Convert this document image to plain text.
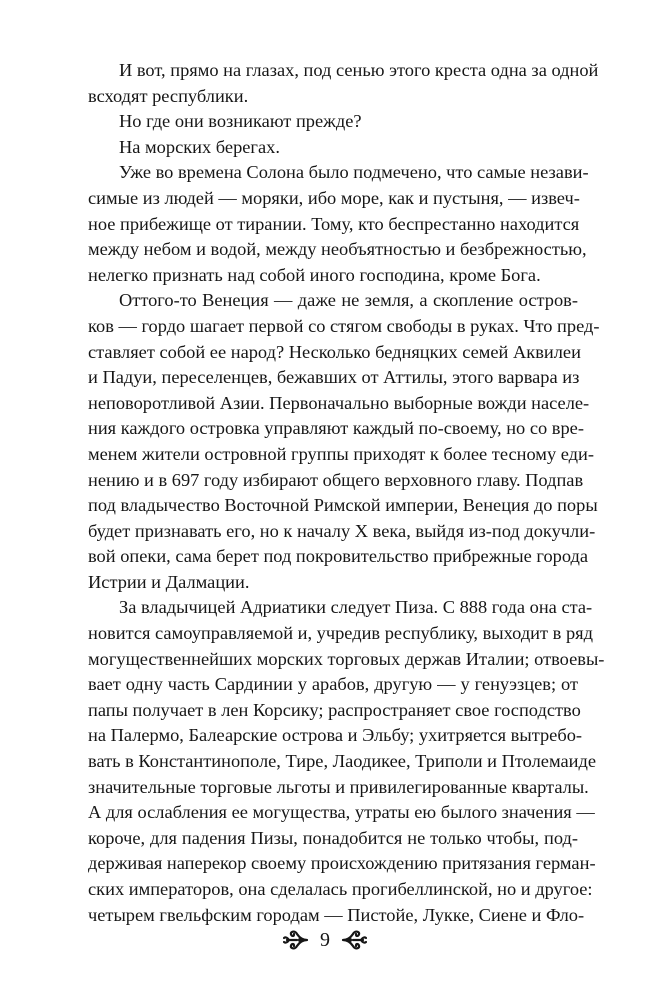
И вот, прямо на глазах, под сенью этого креста одна за одной
всходят республики.
Но где они возникают прежде?
На морских берегах.
Уже во времена Солона было подмечено, что самые незави-
симые из людей — моряки, ибо море, как и пустыня, — извеч-
ное прибежище от тирании. Тому, кто беспрестанно находится
между небом и водой, между необъятностью и безбрежностью,
нелегко признать над собой иного господина, кроме Бога.
Оттого-то Венеция — даже не земля, а скопление остров-
ков — гордо шагает первой со стягом свободы в руках. Что пред-
ставляет собой ее народ? Несколько бедняцких семей Аквилеи
и Падуи, переселенцев, бежавших от Аттилы, этого варвара из
неповоротливой Азии. Первоначально выборные вожди населе-
ния каждого островка управляют каждый по-своему, но со вре-
менем жители островной группы приходят к более тесному еди-
нению и в 697 году избирают общего верховного главу. Подпав
под владычество Восточной Римской империи, Венеция до поры
будет признавать его, но к началу X века, выйдя из-под докучли-
вой опеки, сама берет под покровительство прибрежные города
Истрии и Далмации.
За владычицей Адриатики следует Пиза. С 888 года она ста-
новится самоуправляемой и, учредив республику, выходит в ряд
могущественнейших морских торговых держав Италии; отвоевы-
вает одну часть Сардинии у арабов, другую — у генуэзцев; от
папы получает в лен Корсику; распространяет свое господство
на Палермо, Балеарские острова и Эльбу; ухитряется вытребо-
вать в Константинополе, Тире, Лаодикее, Триполи и Птолемаиде
значительные торговые льготы и привилегированные кварталы.
А для ослабления ее могущества, утраты ею былого значения —
короче, для падения Пизы, понадобится не только чтобы, под-
держивая наперекор своему происхождению притязания герман-
ских императоров, она сделалась прогибеллинской, но и другое:
четырем гвельфским городам — Пистойе, Лукке, Сиене и Фло-
9
